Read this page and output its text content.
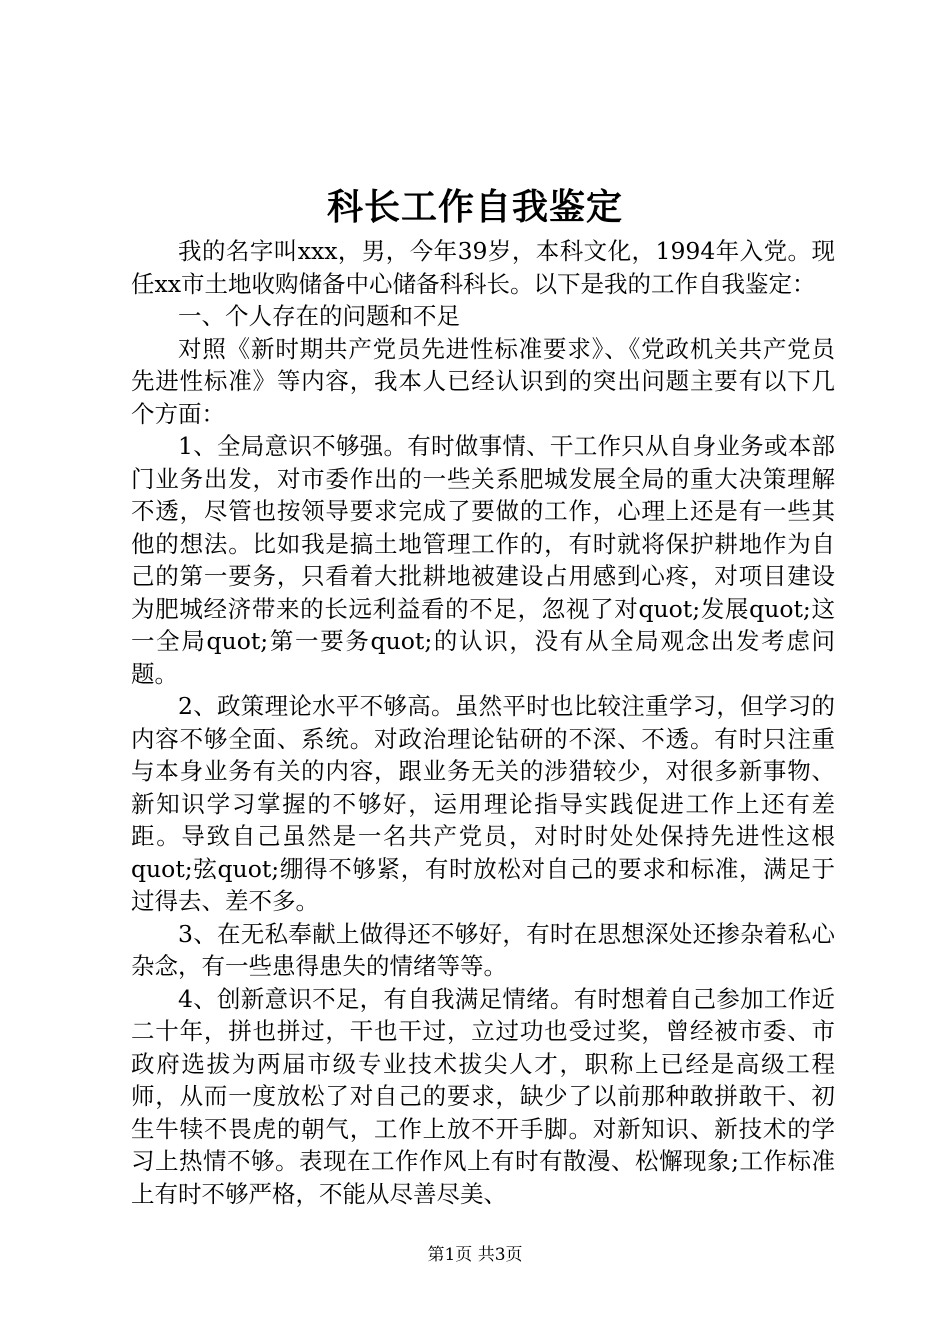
科长工作自我鉴定

我的名字叫xxx，男，今年39岁，本科文化，1994年入党。现任xx市土地收购储备中心储备科科长。以下是我的工作自我鉴定：

一、个人存在的问题和不足

对照《新时期共产党员先进性标准要求》、《党政机关共产党员先进性标准》等内容，我本人已经认识到的突出问题主要有以下几个方面：

1、全局意识不够强。有时做事情、干工作只从自身业务或本部门业务出发，对市委作出的一些关系肥城发展全局的重大决策理解不透，尽管也按领导要求完成了要做的工作，心理上还是有一些其他的想法。比如我是搞土地管理工作的，有时就将保护耕地作为自己的第一要务，只看着大批耕地被建设占用感到心疼，对项目建设为肥城经济带来的长远利益看的不足，忽视了对quot;发展quot;这一全局quot;第一要务quot;的认识，没有从全局观念出发考虑问题。

2、政策理论水平不够高。虽然平时也比较注重学习，但学习的内容不够全面、系统。对政治理论钻研的不深、不透。有时只注重与本身业务有关的内容，跟业务无关的涉猎较少，对很多新事物、新知识学习掌握的不够好，运用理论指导实践促进工作上还有差距。导致自己虽然是一名共产党员，对时时处处保持先进性这根quot;弦quot;绷得不够紧，有时放松对自己的要求和标准，满足于过得去、差不多。

3、在无私奉献上做得还不够好，有时在思想深处还掺杂着私心杂念，有一些患得患失的情绪等等。

4、创新意识不足，有自我满足情绪。有时想着自己参加工作近二十年，拼也拼过，干也干过，立过功也受过奖，曾经被市委、市政府选拔为两届市级专业技术拔尖人才，职称上已经是高级工程师，从而一度放松了对自己的要求，缺少了以前那种敢拼敢干、初生牛犊不畏虎的朝气，工作上放不开手脚。对新知识、新技术的学习上热情不够。表现在工作作风上有时有散漫、松懈现象;工作标准上有时不够严格，不能从尽善尽美、

第1页 共3页
